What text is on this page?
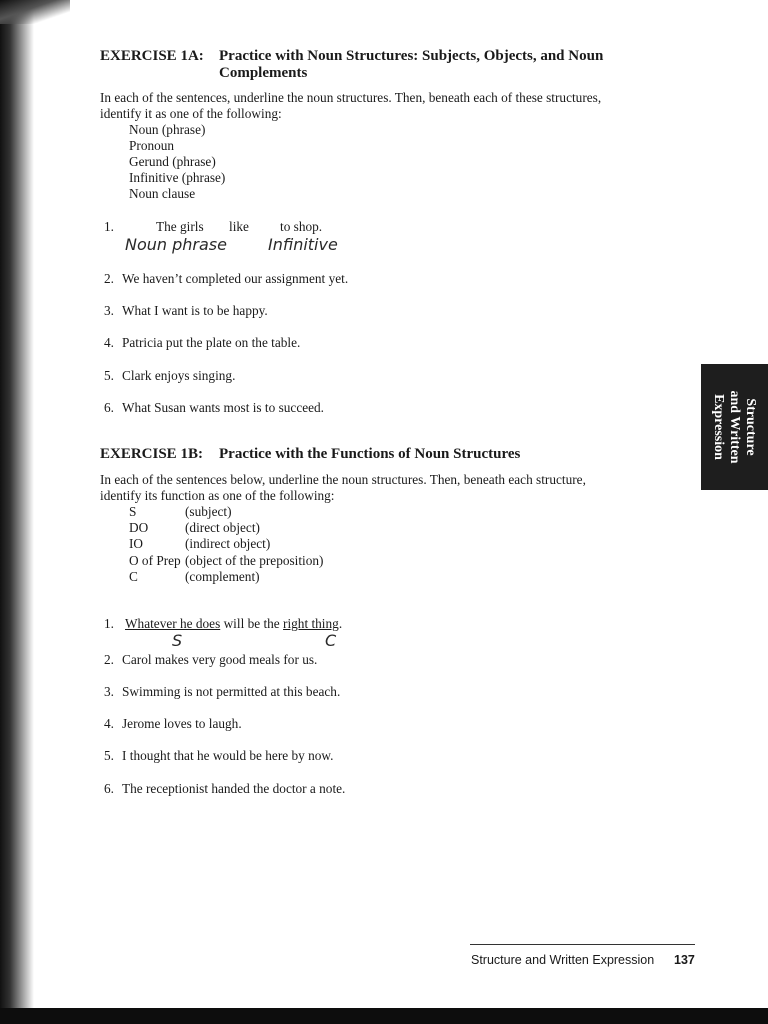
EXERCISE 1A: Practice with Noun Structures: Subjects, Objects, and Noun
Complements
In each of the sentences, underline the noun structures. Then, beneath each of these structures,
identify it as one of the following:
Noun (phrase)
Pronoun
Gerund (phrase)
Infinitive (phrase)
Noun clause
1.	The girls like to shop.
Noun phrase	Infinitive
2. We haven’t completed our assignment yet.
3. What I want is to be happy.
4. Patricia put the plate on the table.
5. Clark enjoys singing.
6. What Susan wants most is to succeed.
EXERCISE 1B: Practice with the Functions of Noun Structures
In each of the sentences below, underline the noun structures. Then, beneath each structure,
identify its function as one of the following:
S	(subject)
DO	(direct object)
IO	(indirect object)
O of Prep (object of the preposition)
C	(complement)
1. Whatever he does will be the right thing.
S	C
2. Carol makes very good meals for us.
3. Swimming is not permitted at this beach.
4. Jerome loves to laugh.
5. I thought that he would be here by now.
6. The receptionist handed the doctor a note.
Structure
and Written
Expression
Structure and Written Expression 137
